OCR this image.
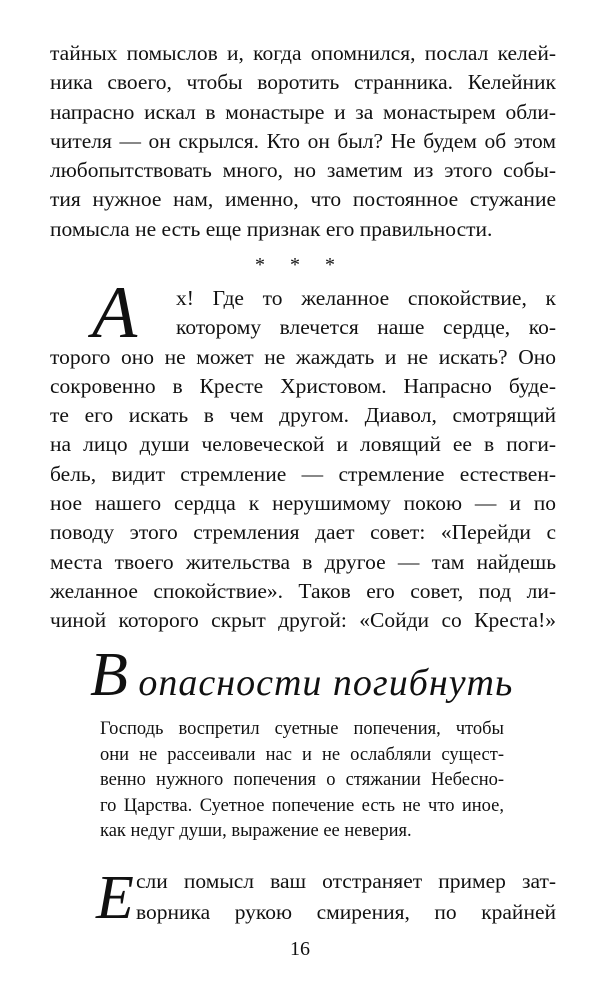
тайных помыслов и, когда опомнился, послал келей-
ника своего, чтобы воротить странника. Келейник
напрасно искал в монастыре и за монастырем обли-
чителя — он скрылся. Кто он был? Не будем об этом
любопытствовать много, но заметим из этого собы-
тия нужное нам, именно, что постоянное стужание
помысла не есть еще признак его правильности.
* * *
А	х! Где то желанное спокойствие, к
которому влечется наше сердце, ко-
торого оно не может не жаждать и не искать? Оно
сокровенно в Кресте Христовом. Напрасно буде-
те его искать в чем другом. Диавол, смотрящий
на лицо души человеческой и ловящий ее в поги-
бель, видит стремление — стремление естествен-
ное нашего сердца к нерушимому покою — и по
поводу этого стремления дает совет: «Перейди с
места твоего жительства в другое — там найдешь
желанное спокойствие». Таков его совет, под ли-
чиной которого скрыт другой: «Сойди со Креста!»
В опасности погибнуть
Господь воспретил суетные попечения, чтобы
они не рассеивали нас и не ослабляли сущест-
венно нужного попечения о стяжании Небесно-
го Царства. Суетное попечение есть не что иное,
как недуг души, выражение ее неверия.
Е сли помысл ваш отстраняет пример зат-
ворника рукою смирения, по крайней
16
